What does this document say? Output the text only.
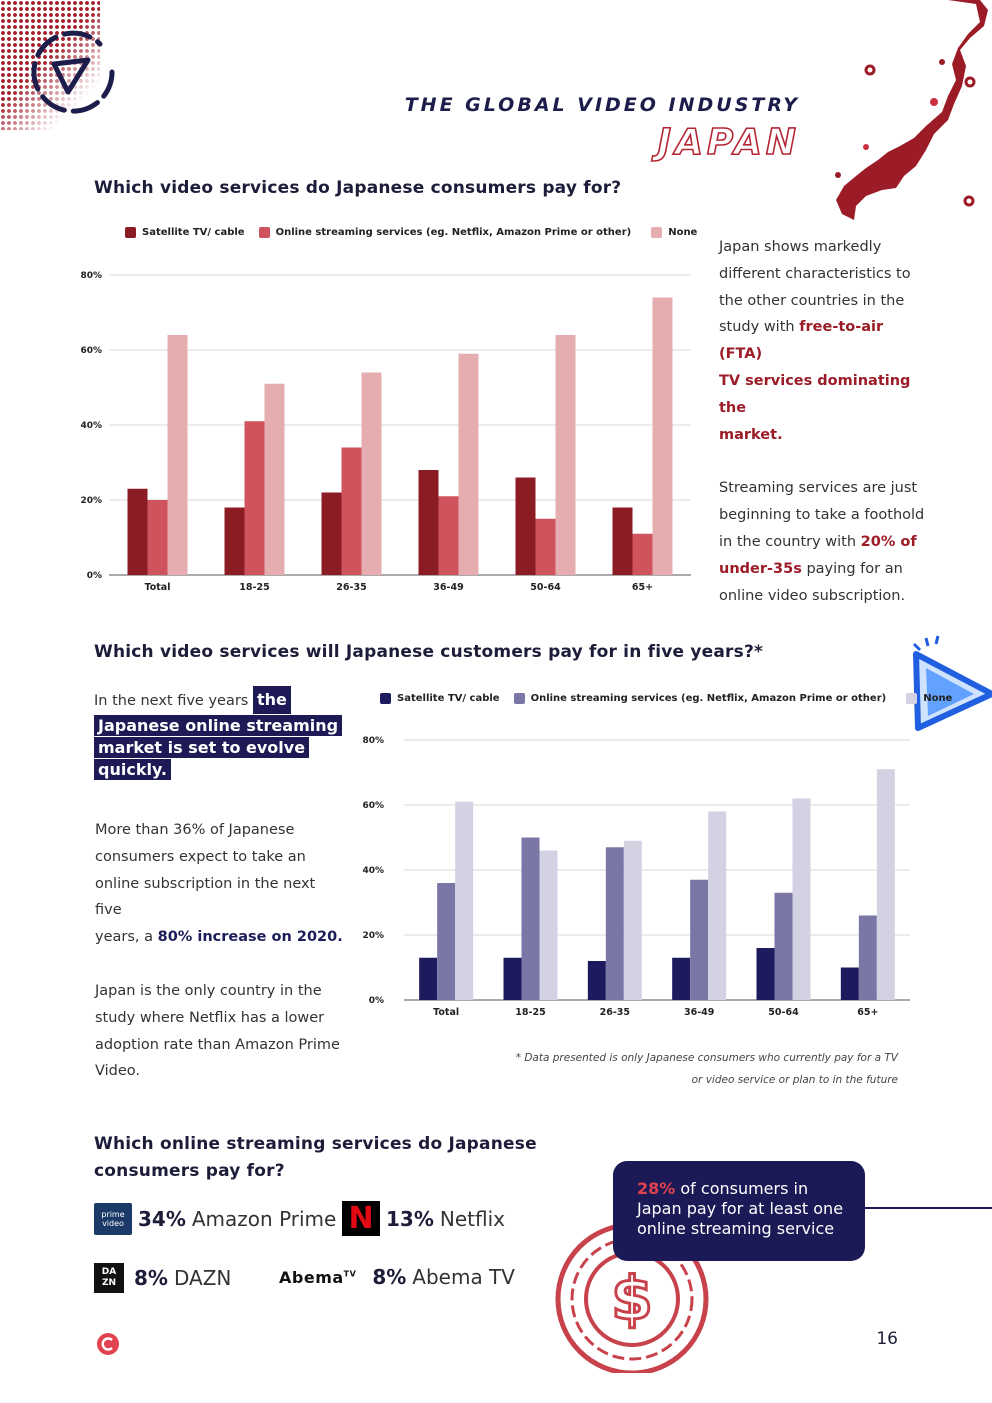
THE GLOBAL VIDEO INDUSTRY
JAPAN
Which video services do Japanese consumers pay for?
Satellite TV/ cable	Online streaming services (eg. Netflix, Amazon Prime or other)	None
0%
20%
40%
60%
80%
Total	18-25	26-35	36-49	50-64	65+
Japan shows markedly
different characteristics to
the other countries in the
study with free-to-air (FTA)
TV services dominating the
market.
Streaming services are just
beginning to take a foothold
in the country with 20% of
under-35s paying for an
online video subscription.
Which video services will Japanese customers pay for in five years?*
In the next five years the
Japanese online streaming
market is set to evolve
quickly.
More than 36% of Japanese
consumers expect to take an
online subscription in the next five
years, a 80% increase on 2020.
Japan is the only country in the
study where Netflix has a lower
adoption rate than Amazon Prime
Video.
Satellite TV/ cable	Online streaming services (eg. Netflix, Amazon Prime or other)	None
0%
20%
40%
60%
80%
Total	18-25	26-35	36-49	50-64	65+
* Data presented is only Japanese consumers who currently pay for a TV
or video service or plan to in the future
Which online streaming services do Japanese
consumers pay for?
prime
video 34% Amazon Prime N 13% Netflix
DA
ZN 8% DAZN	Abema$^{TV}$ 8% Abema TV $
28% of consumers in
Japan pay for at least one
online streaming service
16
